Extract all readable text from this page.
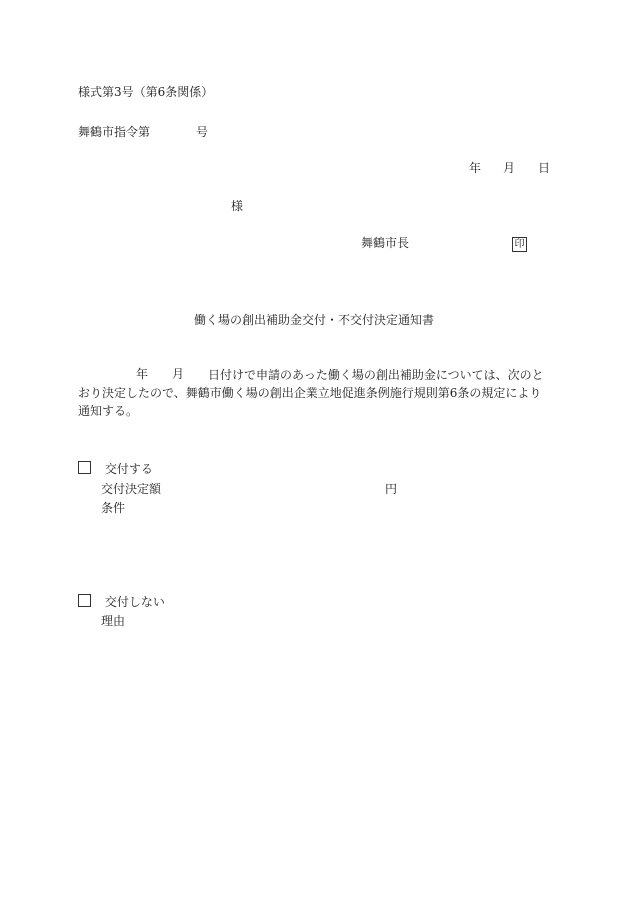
様式第3号（第6条関係）
舞鶴市指令第	号
年 月 日
様
舞鶴市長	印
働く場の創出補助金交付・不交付決定通知書
年 月	日付けで申請のあった働く場の創出補助金については、次のとおり決定したので、舞鶴市働く場の創出企業立地促進条例施行規則第6条の規定により通知する。
交付する
交付決定額	円
条件
交付しない
理由
